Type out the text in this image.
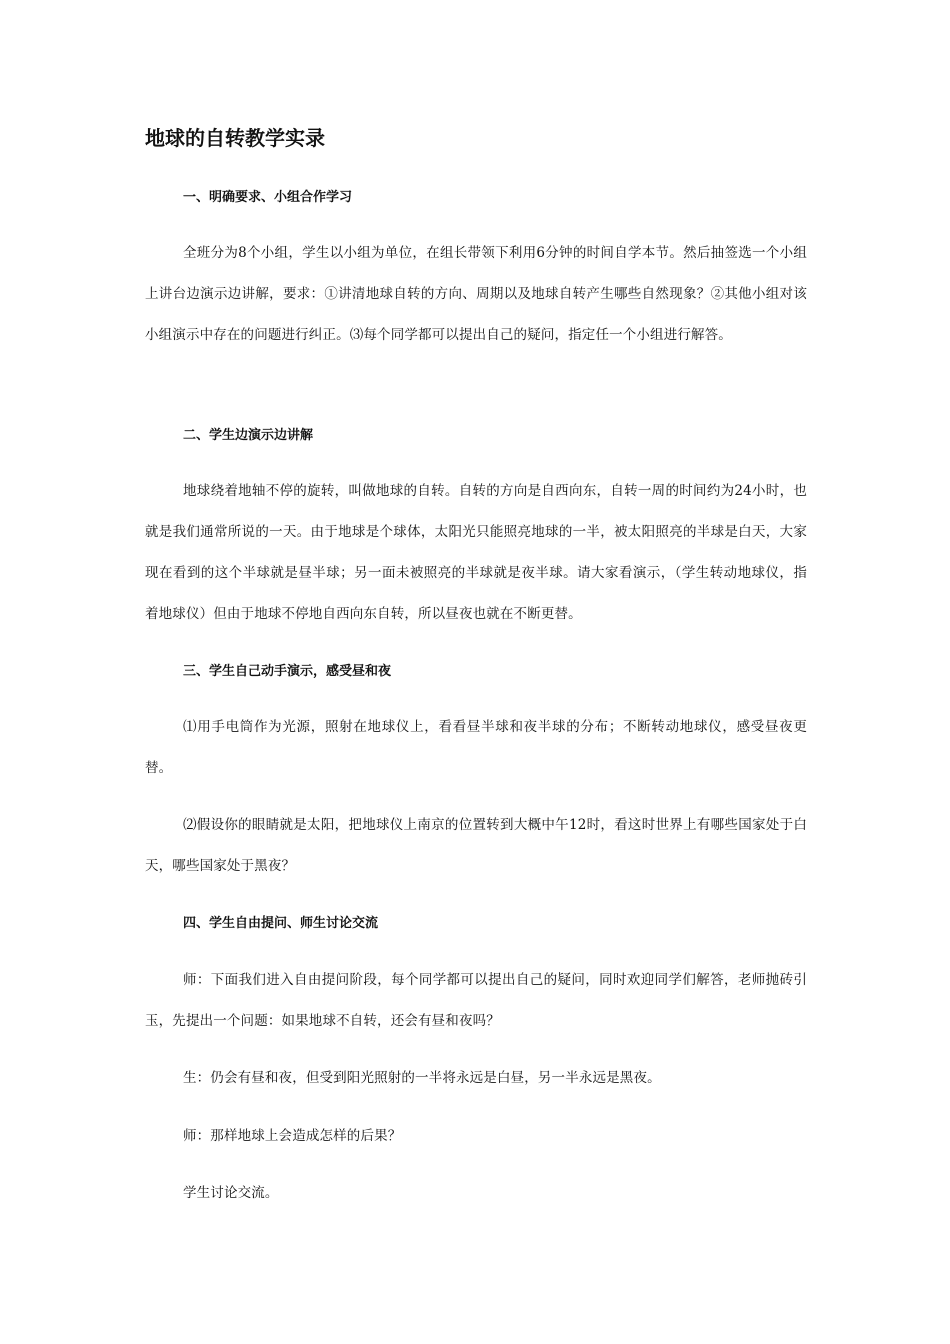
地球的自转教学实录
一、明确要求、小组合作学习

全班分为8个小组，学生以小组为单位，在组长带领下利用6分钟的时间自学本节。然后抽签选一个小组上讲台边演示边讲解，要求：①讲清地球自转的方向、周期以及地球自转产生哪些自然现象？②其他小组对该小组演示中存在的问题进行纠正。⑶每个同学都可以提出自己的疑问，指定任一个小组进行解答。

二、学生边演示边讲解

地球绕着地轴不停的旋转，叫做地球的自转。自转的方向是自西向东，自转一周的时间约为24小时，也就是我们通常所说的一天。由于地球是个球体，太阳光只能照亮地球的一半，被太阳照亮的半球是白天，大家现在看到的这个半球就是昼半球；另一面未被照亮的半球就是夜半球。请大家看演示，（学生转动地球仪，指着地球仪）但由于地球不停地自西向东自转，所以昼夜也就在不断更替。

三、学生自己动手演示，感受昼和夜

⑴用手电筒作为光源，照射在地球仪上，看看昼半球和夜半球的分布；不断转动地球仪，感受昼夜更替。

⑵假设你的眼睛就是太阳，把地球仪上南京的位置转到大概中午12时，看这时世界上有哪些国家处于白天，哪些国家处于黑夜？

四、学生自由提问、师生讨论交流

师：下面我们进入自由提问阶段，每个同学都可以提出自己的疑问，同时欢迎同学们解答，老师抛砖引玉，先提出一个问题：如果地球不自转，还会有昼和夜吗？

生：仍会有昼和夜，但受到阳光照射的一半将永远是白昼，另一半永远是黑夜。

师：那样地球上会造成怎样的后果？

学生讨论交流。
